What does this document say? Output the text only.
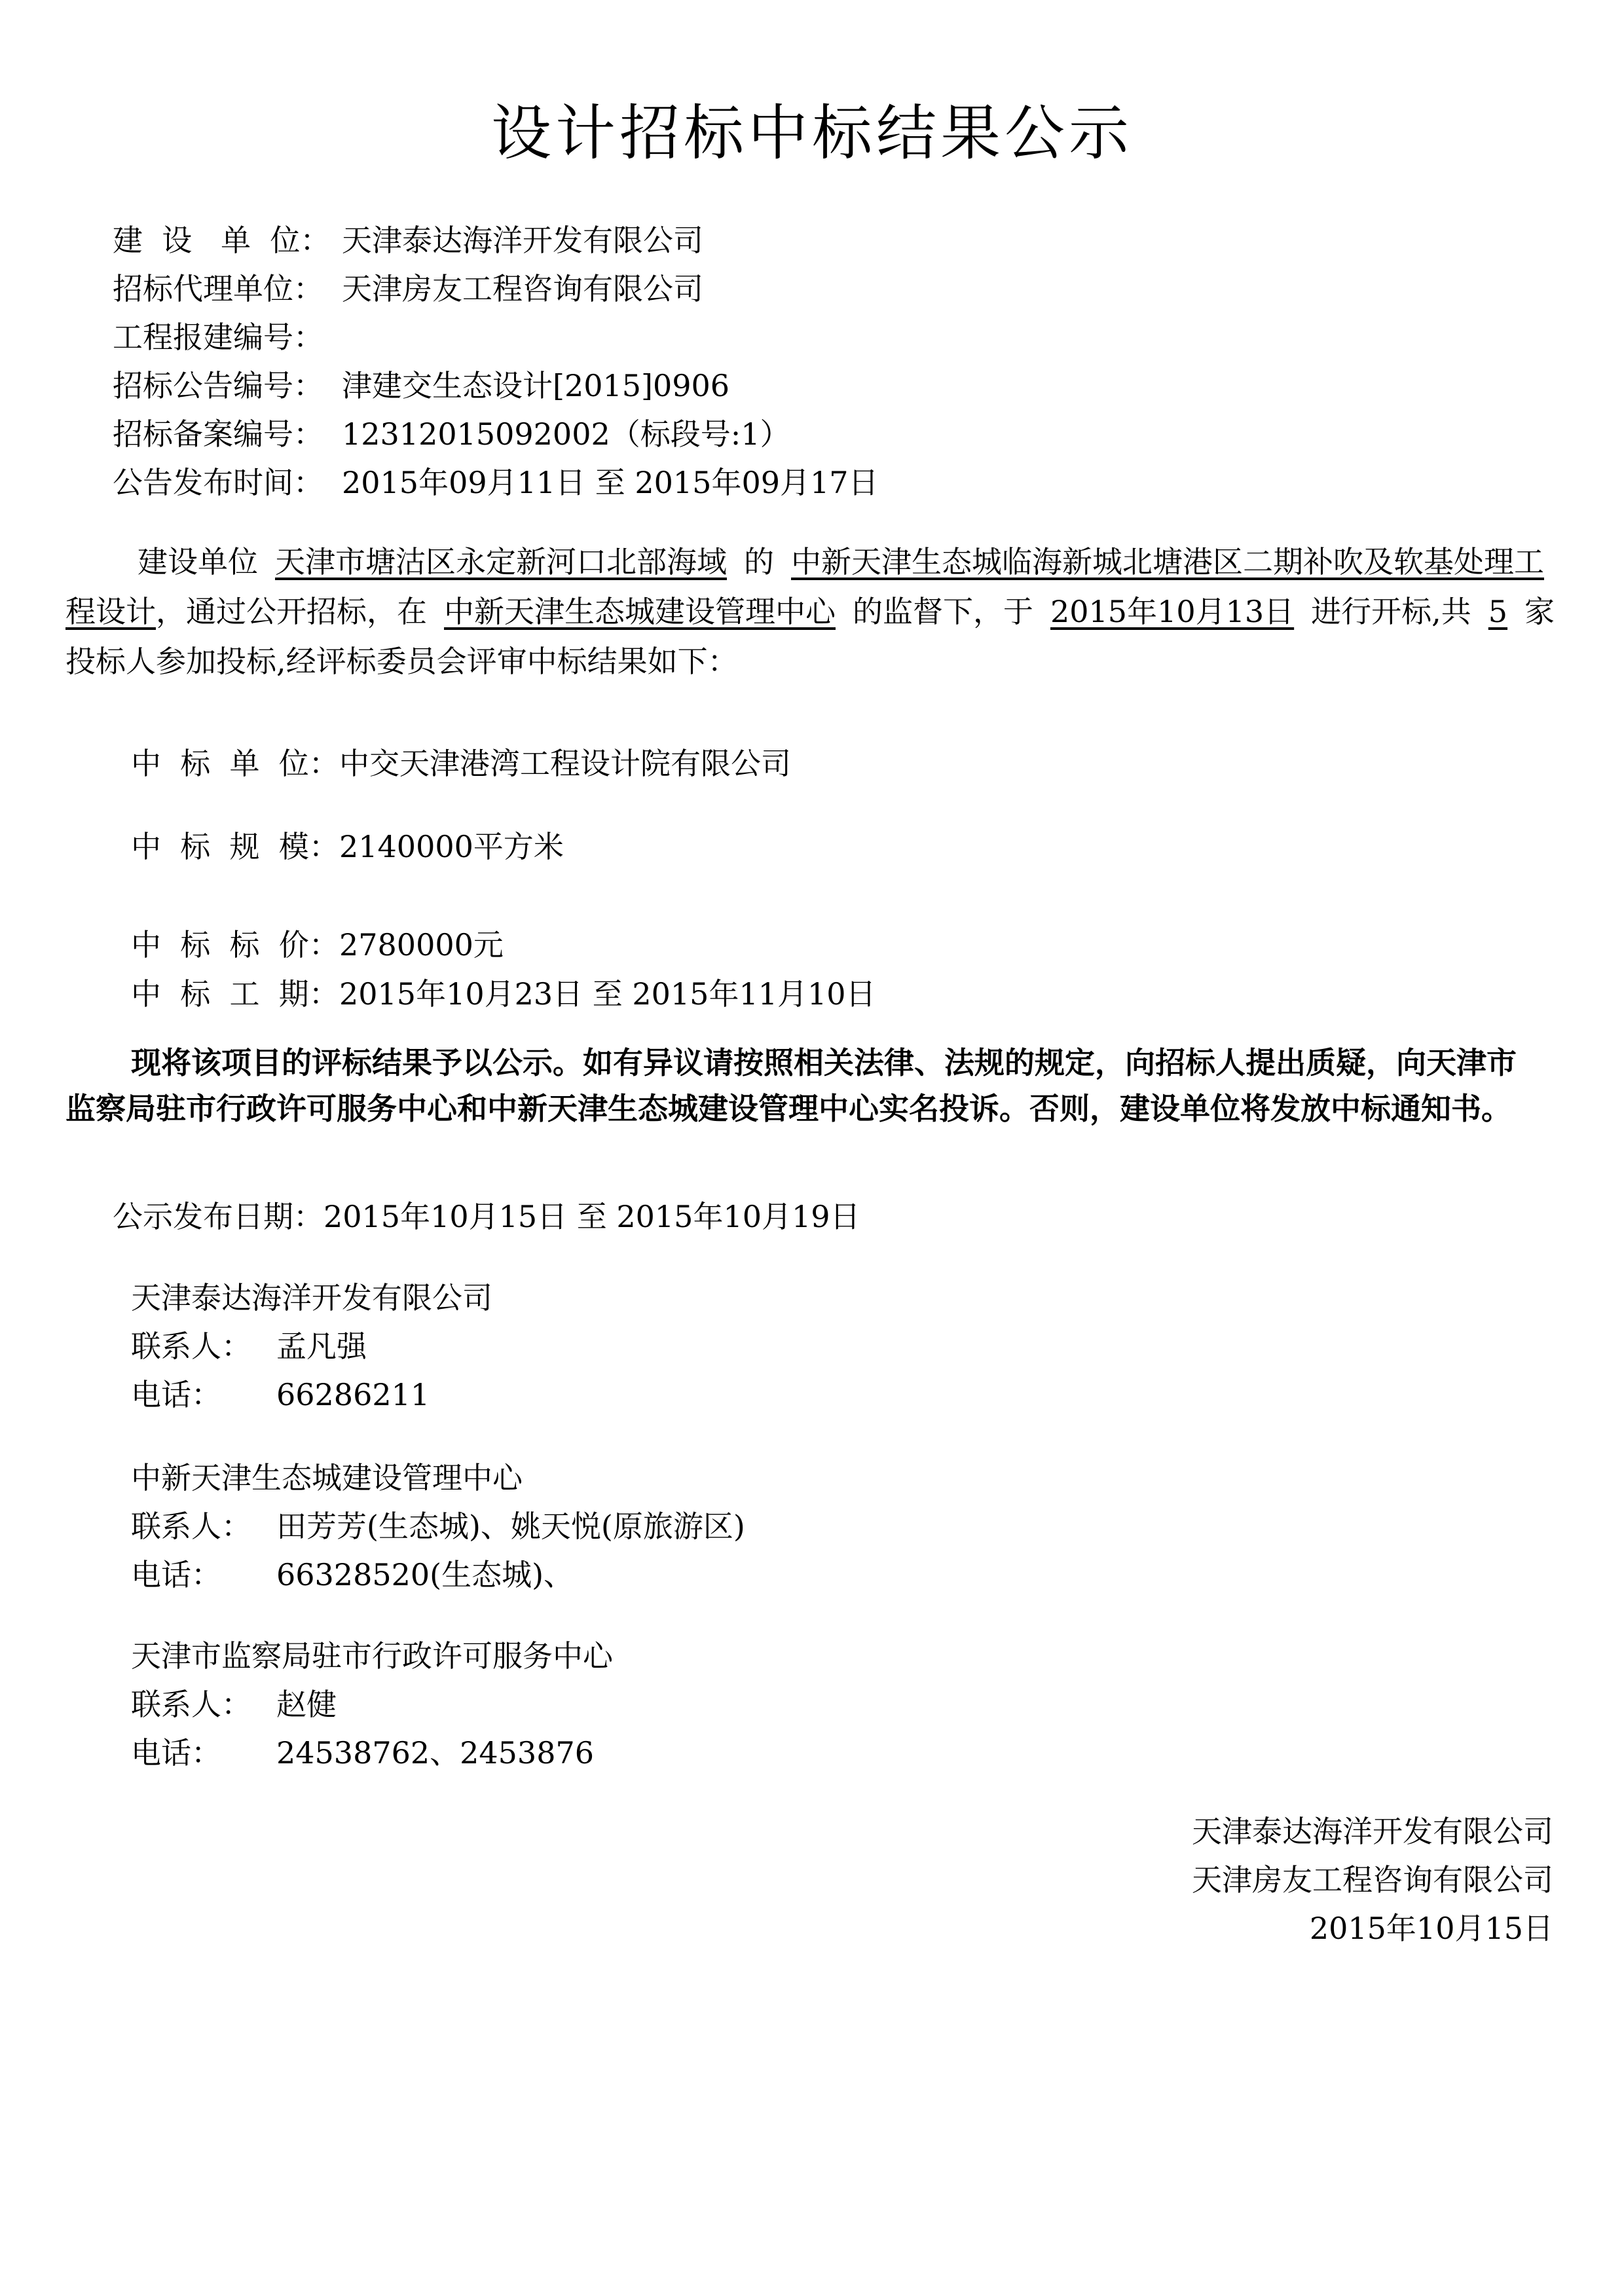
设计招标中标结果公示
建  设   单  位： 天津泰达海洋开发有限公司
招标代理单位： 天津房友工程咨询有限公司
工程报建编号：
招标公告编号： 津建交生态设计[2015]0906
招标备案编号： 12312015092002（标段号:1）
公告发布时间： 2015年09月11日 至 2015年09月17日

建设单位 天津市塘沽区永定新河口北部海域 的 中新天津生态城临海新城北塘港区二期补吹及软基处理工程设计，通过公开招标，在 中新天津生态城建设管理中心 的监督下，于 2015年10月13日 进行开标,共 5 家投标人参加投标,经评标委员会评审中标结果如下：

中  标  单  位：中交天津港湾工程设计院有限公司
中  标  规  模：2140000平方米
中  标  标  价：2780000元
中  标  工  期：2015年10月23日 至 2015年11月10日

现将该项目的评标结果予以公示。如有异议请按照相关法律、法规的规定，向招标人提出质疑，向天津市监察局驻市行政许可服务中心和中新天津生态城建设管理中心实名投诉。否则，建设单位将发放中标通知书。

公示发布日期：2015年10月15日 至 2015年10月19日
天津泰达海洋开发有限公司
联系人： 孟凡强
电话： 66286211
中新天津生态城建设管理中心
联系人： 田芳芳(生态城)、姚天悦(原旅游区)
电话： 66328520(生态城)、
天津市监察局驻市行政许可服务中心
联系人： 赵健
电话： 24538762、2453876
天津泰达海洋开发有限公司
天津房友工程咨询有限公司
2015年10月15日
